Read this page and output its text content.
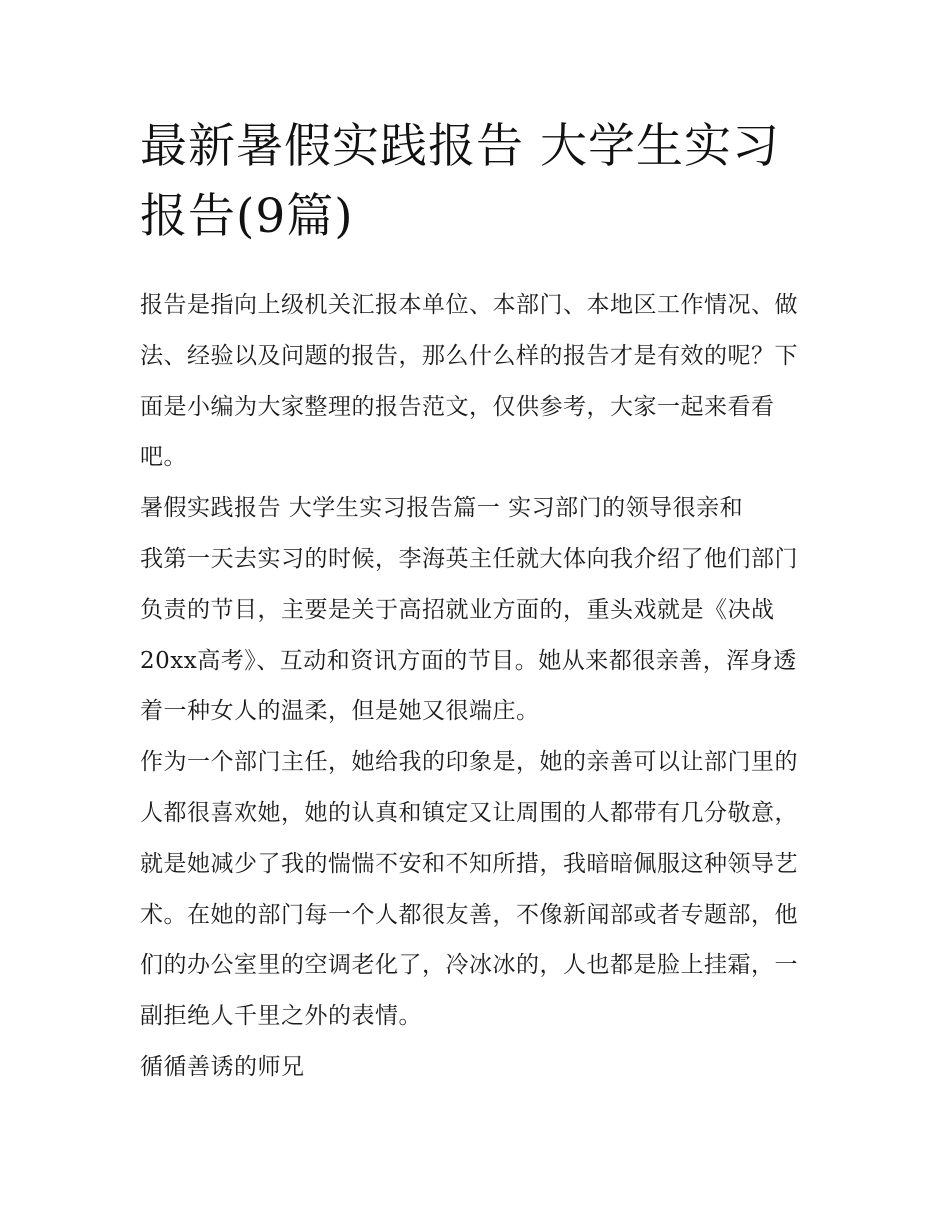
最新暑假实践报告 大学生实习报告(9篇)

报告是指向上级机关汇报本单位、本部门、本地区工作情况、做法、经验以及问题的报告，那么什么样的报告才是有效的呢？下面是小编为大家整理的报告范文，仅供参考，大家一起来看看吧。

暑假实践报告 大学生实习报告篇一 实习部门的领导很亲和

我第一天去实习的时候，李海英主任就大体向我介绍了他们部门负责的节目，主要是关于高招就业方面的，重头戏就是《决战20xx高考》、互动和资讯方面的节目。她从来都很亲善，浑身透着一种女人的温柔，但是她又很端庄。

作为一个部门主任，她给我的印象是，她的亲善可以让部门里的人都很喜欢她，她的认真和镇定又让周围的人都带有几分敬意，就是她减少了我的惴惴不安和不知所措，我暗暗佩服这种领导艺术。在她的部门每一个人都很友善，不像新闻部或者专题部，他们的办公室里的空调老化了，冷冰冰的，人也都是脸上挂霜，一副拒绝人千里之外的表情。

循循善诱的师兄
